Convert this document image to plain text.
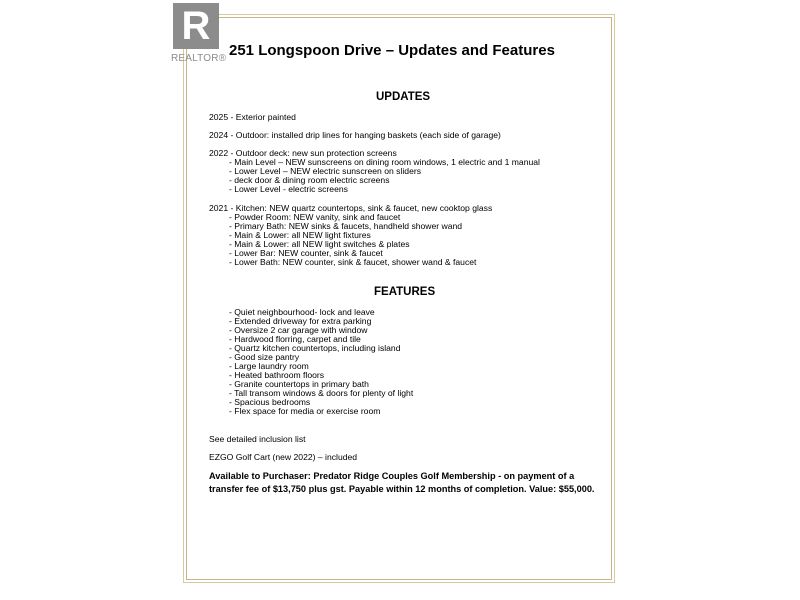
R
REALTOR® 251 Longspoon Drive – Updates and Features
UPDATES
2025 - Exterior painted
2024 - Outdoor: installed drip lines for hanging baskets (each side of garage)
2022 - Outdoor deck: new sun protection screens
- Main Level – NEW sunscreens on dining room windows, 1 electric and 1 manual
- Lower Level – NEW electric sunscreen on sliders
- deck door & dining room electric screens
- Lower Level - electric screens
2021 - Kitchen: NEW quartz countertops, sink & faucet, new cooktop glass
- Powder Room: NEW vanity, sink and faucet
- Primary Bath: NEW sinks & faucets, handheld shower wand
- Main & Lower: all NEW light fixtures
- Main & Lower: all NEW light switches & plates
- Lower Bar: NEW counter, sink & faucet
- Lower Bath: NEW counter, sink & faucet, shower wand & faucet
FEATURES
- Quiet neighbourhood- lock and leave
- Extended driveway for extra parking
- Oversize 2 car garage with window
- Hardwood florring, carpet and tile
- Quartz kitchen countertops, including island
- Good size pantry
- Large laundry room
- Heated bathroom floors
- Granite countertops in primary bath
- Tall transom windows & doors for plenty of light
- Spacious bedrooms
- Flex space for media or exercise room
See detailed inclusion list
EZGO Golf Cart (new 2022) – included
Available to Purchaser: Predator Ridge Couples Golf Membership - on payment of a transfer fee of $13,750 plus gst. Payable within 12 months of completion. Value: $55,000.
